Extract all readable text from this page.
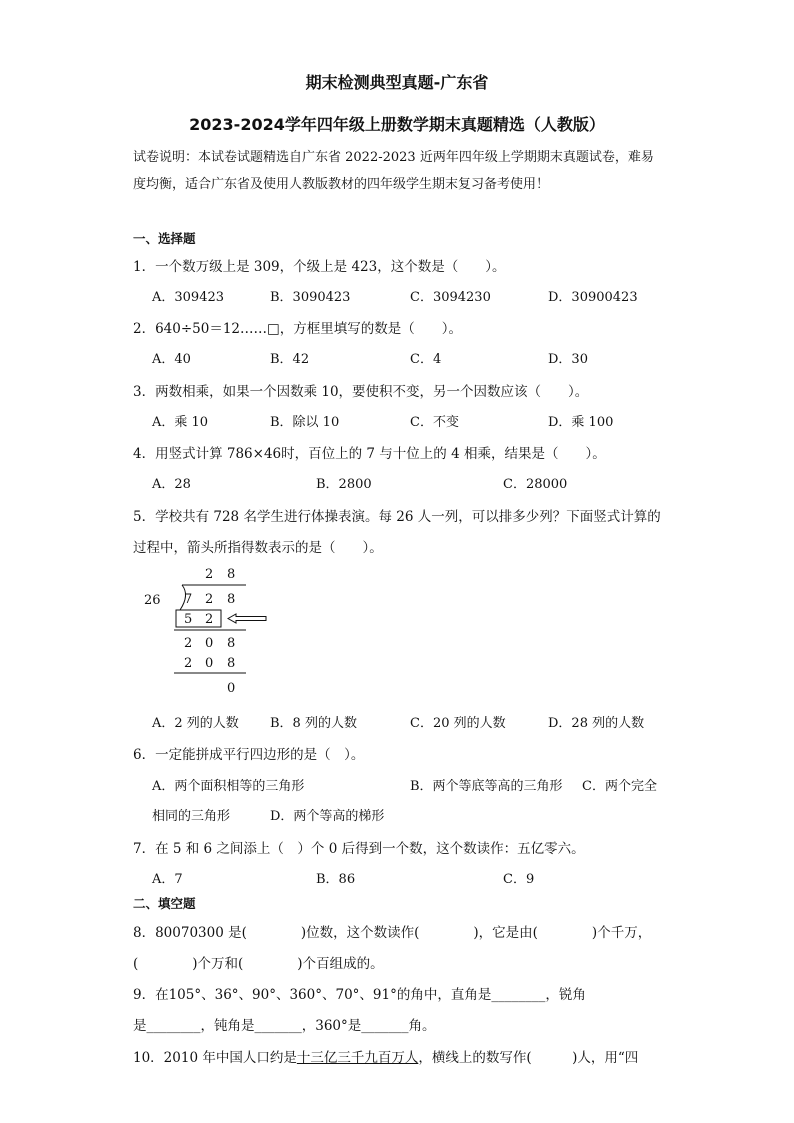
期末检测典型真题-广东省
2023-2024学年四年级上册数学期末真题精选（人教版）
试卷说明：本试卷试题精选自广东省 2022-2023 近两年四年级上学期期末真题试卷，难易度均衡，适合广东省及使用人教版教材的四年级学生期末复习备考使用！
一、选择题
1．一个数万级上是 309，个级上是 423，这个数是（　　）。
A．309423	B．3090423	C．3094230	D．30900423
2．640÷50＝12……□，方框里填写的数是（　　）。
A．40	B．42	C．4	D．30
3．两数相乘，如果一个因数乘 10，要使积不变，另一个因数应该（　　）。
A．乘 10	B．除以 10	C．不变	D．乘 100
4．用竖式计算 786×46时，百位上的 7 与十位上的 4 相乘，结果是（　　）。
A．28	B．2800	C．28000
5．学校共有 728 名学生进行体操表演。每 26 人一列，可以排多少列？下面竖式计算的
过程中，箭头所指得数表示的是（　　）。
2 8
26 7 2 8
5 2
2 0 8
2 0 8
0
A．2 列的人数 B．8 列的人数	C．20 列的人数	D．28 列的人数
6．一定能拼成平行四边形的是（　）。
A．两个面积相等的三角形	B．两个等底等高的三角形 C．两个完全
相同的三角形	D．两个等高的梯形
7．在 5 和 6 之间添上（　）个 0 后得到一个数，这个数读作：五亿零六。
A．7	B．86	C．9
二、填空题
8．80070300 是(　　　　)位数，这个数读作(　　　　)，它是由(　　　　)个千万，
(　　　　)个万和(　　　　)个百组成的。
9．在105°、36°、90°、360°、70°、91°的角中，直角是________，锐角
是________，钝角是_______，360°是_______角。
10．2010 年中国人口约是十三亿三千九百万人，横线上的数写作(　　　)人，用“四
